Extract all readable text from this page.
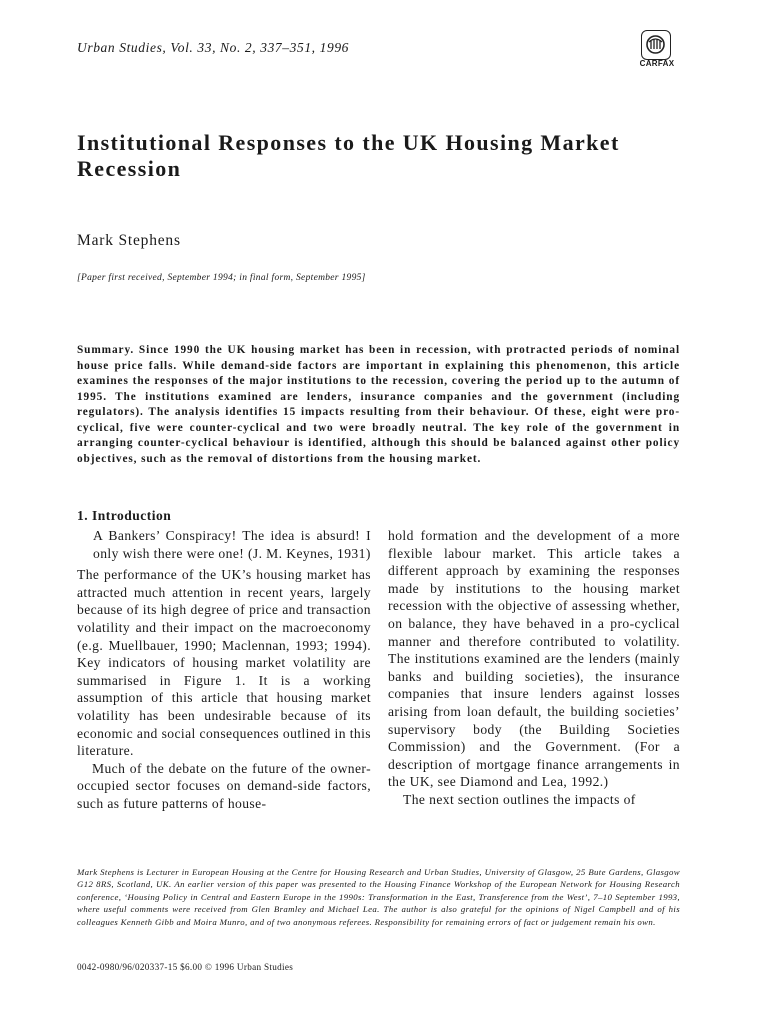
Urban Studies, Vol. 33, No. 2, 337–351, 1996
CARFAX
Institutional Responses to the UK Housing Market Recession
Mark Stephens
[Paper first received, September 1994; in final form, September 1995]
Summary. Since 1990 the UK housing market has been in recession, with protracted periods of nominal house price falls. While demand-side factors are important in explaining this phenomenon, this article examines the responses of the major institutions to the recession, covering the period up to the autumn of 1995. The institutions examined are lenders, insurance companies and the government (including regulators). The analysis identifies 15 impacts resulting from their behaviour. Of these, eight were pro-cyclical, five were counter-cyclical and two were broadly neutral. The key role of the government in arranging counter-cyclical behaviour is identified, although this should be balanced against other policy objectives, such as the removal of distortions from the housing market.
1. Introduction

A Bankers’ Conspiracy! The idea is absurd! I only wish there were one! (J. M. Keynes, 1931)

The performance of the UK’s housing market has attracted much attention in recent years, largely because of its high degree of price and transaction volatility and their impact on the macroeconomy (e.g. Muellbauer, 1990; Maclennan, 1993; 1994). Key indicators of housing market volatility are summarised in Figure 1. It is a working assumption of this article that housing market volatility has been undesirable because of its economic and social consequences outlined in this literature.

Much of the debate on the future of the owner-occupied sector focuses on demand-side factors, such as future patterns of house-

hold formation and the development of a more flexible labour market. This article takes a different approach by examining the responses made by institutions to the housing market recession with the objective of assessing whether, on balance, they have behaved in a pro-cyclical manner and therefore contributed to volatility. The institutions examined are the lenders (mainly banks and building societies), the insurance companies that insure lenders against losses arising from loan default, the building societies’ supervisory body (the Building Societies Commission) and the Government. (For a description of mortgage finance arrangements in the UK, see Diamond and Lea, 1992.)

The next section outlines the impacts of

Mark Stephens is Lecturer in European Housing at the Centre for Housing Research and Urban Studies, University of Glasgow, 25 Bute Gardens, Glasgow G12 8RS, Scotland, UK. An earlier version of this paper was presented to the Housing Finance Workshop of the European Network for Housing Research conference, ‘Housing Policy in Central and Eastern Europe in the 1990s: Transformation in the East, Transference from the West’, 7–10 September 1993, where useful comments were received from Glen Bramley and Michael Lea. The author is also grateful for the opinions of Nigel Campbell and of his colleagues Kenneth Gibb and Moira Munro, and of two anonymous referees. Responsibility for remaining errors of fact or judgement remain his own.
0042-0980/96/020337-15 $6.00 © 1996 Urban Studies
